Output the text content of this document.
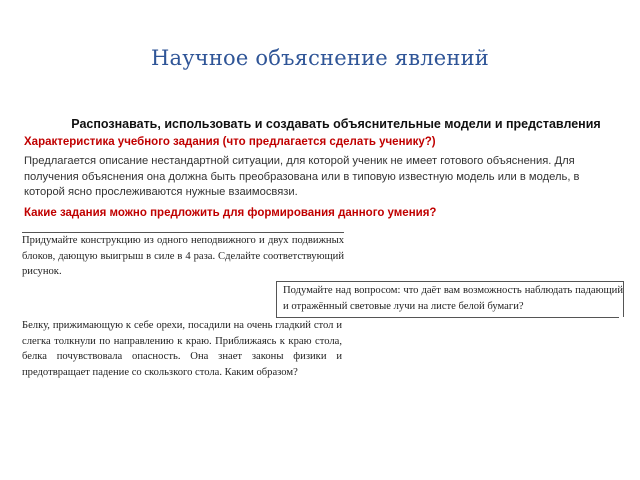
Научное объяснение явлений
Распознавать, использовать и создавать объяснительные модели и представления
Характеристика учебного задания (что предлагается сделать ученику?)
Предлагается описание нестандартной ситуации, для которой ученик не имеет готового объяснения. Для получения объяснения она должна быть преобразована или в типовую известную модель или в модель, в которой ясно прослеживаются нужные взаимосвязи.
Какие задания можно предложить для формирования данного умения?
Придумайте конструкцию из одного неподвижного и двух подвижных блоков, дающую выигрыш в силе в 4 раза. Сделайте соответствующий рисунок.
Подумайте над вопросом: что даёт вам возможность наблюдать падающий и отражённый световые лучи на листе белой бумаги?
Белку, прижимающую к себе орехи, посадили на очень гладкий стол и слегка толкнули по направлению к краю. Приближаясь к краю стола, белка почувствовала опасность. Она знает законы физики и предотвращает падение со скользкого стола. Каким образом?
